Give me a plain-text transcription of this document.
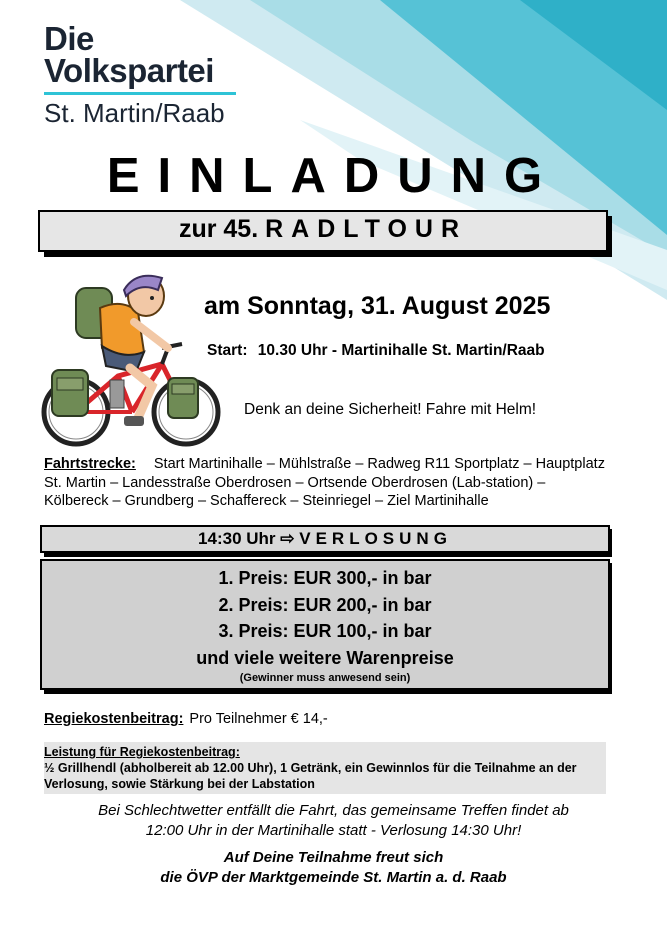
Die
Volkspartei
St. Martin/Raab
EINLADUNG
zur 45. RADLTOUR
am Sonntag, 31. August 2025
Start: 10.30 Uhr - Martinihalle St. Martin/Raab
Denk an deine Sicherheit! Fahre mit Helm!
Fahrtstrecke: Start Martinihalle – Mühlstraße – Radweg R11 Sportplatz – Hauptplatz St. Martin – Landesstraße Oberdrosen – Ortsende Oberdrosen (Lab-station) – Kölbereck – Grundberg – Schaffereck – Steinriegel – Ziel Martinihalle
14:30 Uhr ⇨ VERLOSUNG
1. Preis: EUR 300,- in bar
2. Preis: EUR 200,- in bar
3. Preis: EUR 100,- in bar
und viele weitere Warenpreise
(Gewinner muss anwesend sein)
Regiekostenbeitrag: Pro Teilnehmer € 14,-
Leistung für Regiekostenbeitrag:
½ Grillhendl (abholbereit ab 12.00 Uhr), 1 Getränk, ein Gewinnlos für die Teilnahme an der Verlosung, sowie Stärkung bei der Labstation
Bei Schlechtwetter entfällt die Fahrt, das gemeinsame Treffen findet ab
12:00 Uhr in der Martinihalle statt - Verlosung 14:30 Uhr!
Auf Deine Teilnahme freut sich
die ÖVP der Marktgemeinde St. Martin a. d. Raab
